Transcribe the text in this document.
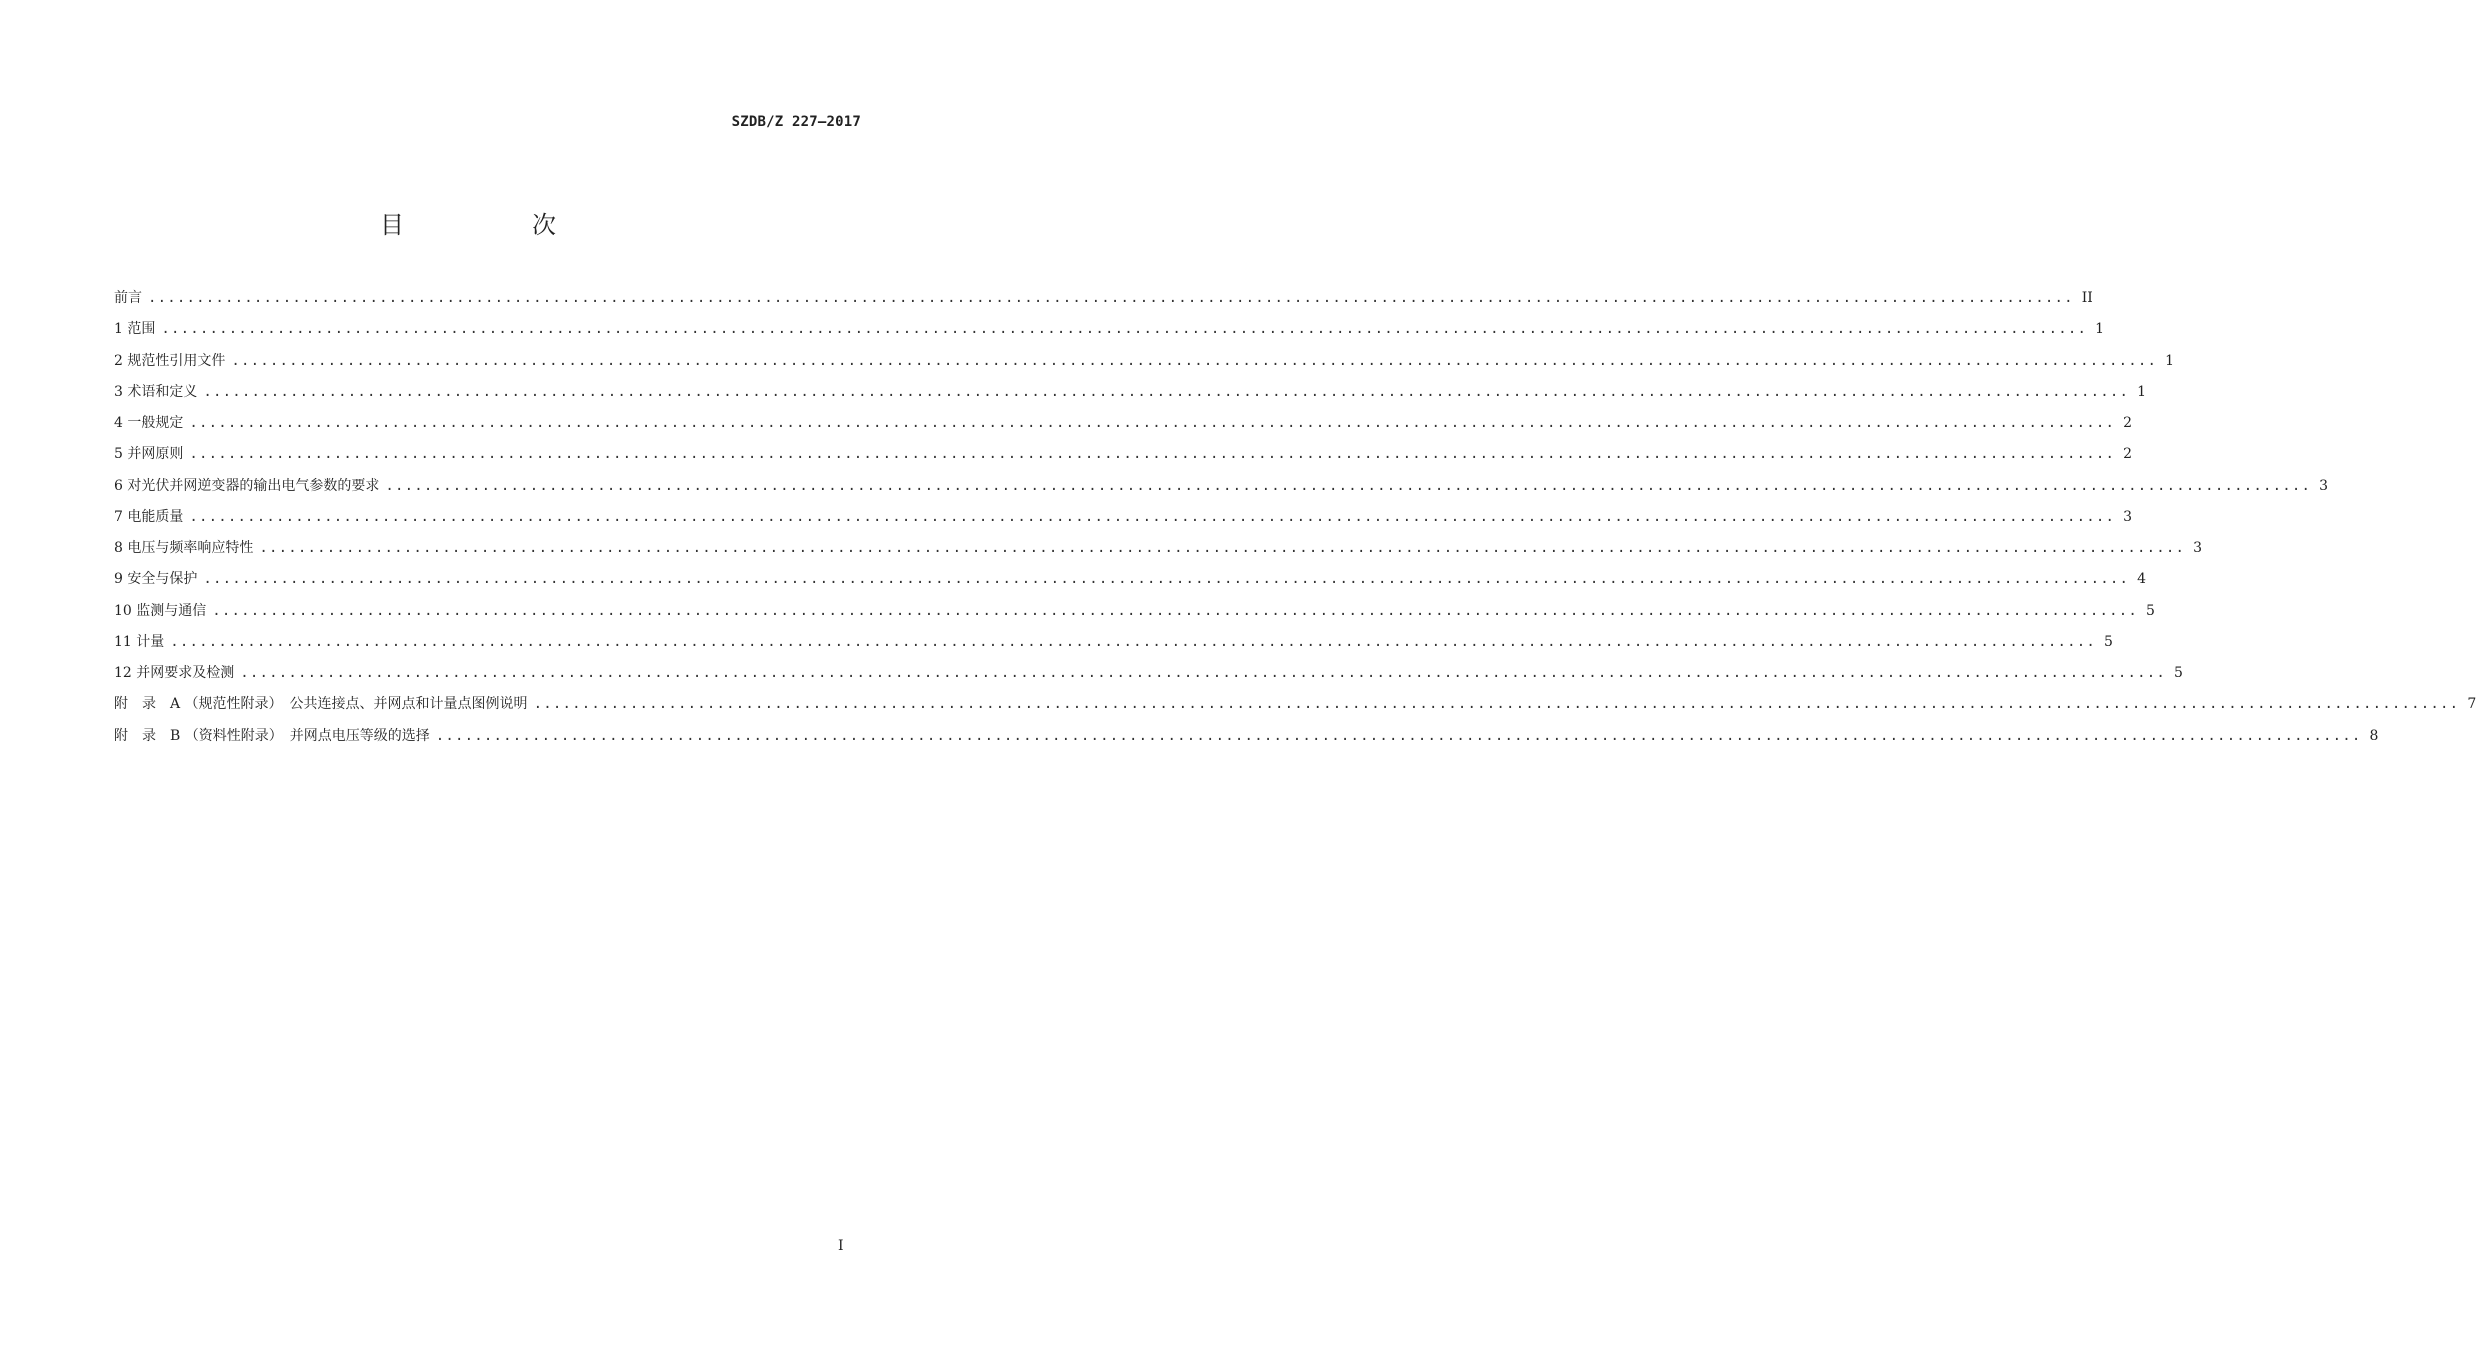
SZDB/Z 227—2017
目　次
前言 ........................................................................................................................................................................................................ II
1 范围 ........................................................................................................................................................................................................ 1
2 规范性引用文件 ........................................................................................................................................................................................................ 1
3 术语和定义 ........................................................................................................................................................................................................ 1
4 一般规定 ........................................................................................................................................................................................................ 2
5 并网原则 ........................................................................................................................................................................................................ 2
6 对光伏并网逆变器的输出电气参数的要求 ........................................................................................................................................................................................................ 3
7 电能质量 ........................................................................................................................................................................................................ 3
8 电压与频率响应特性 ........................................................................................................................................................................................................ 3
9 安全与保护 ........................................................................................................................................................................................................ 4
10 监测与通信 ........................................................................................................................................................................................................ 5
11 计量 ........................................................................................................................................................................................................ 5
12 并网要求及检测 ........................................................................................................................................................................................................ 5
附　录　A （规范性附录）　公共连接点、并网点和计量点图例说明 ........................................................................................................................................................................................................ 7
附　录　B （资料性附录）　并网点电压等级的选择 ........................................................................................................................................................................................................ 8
I
